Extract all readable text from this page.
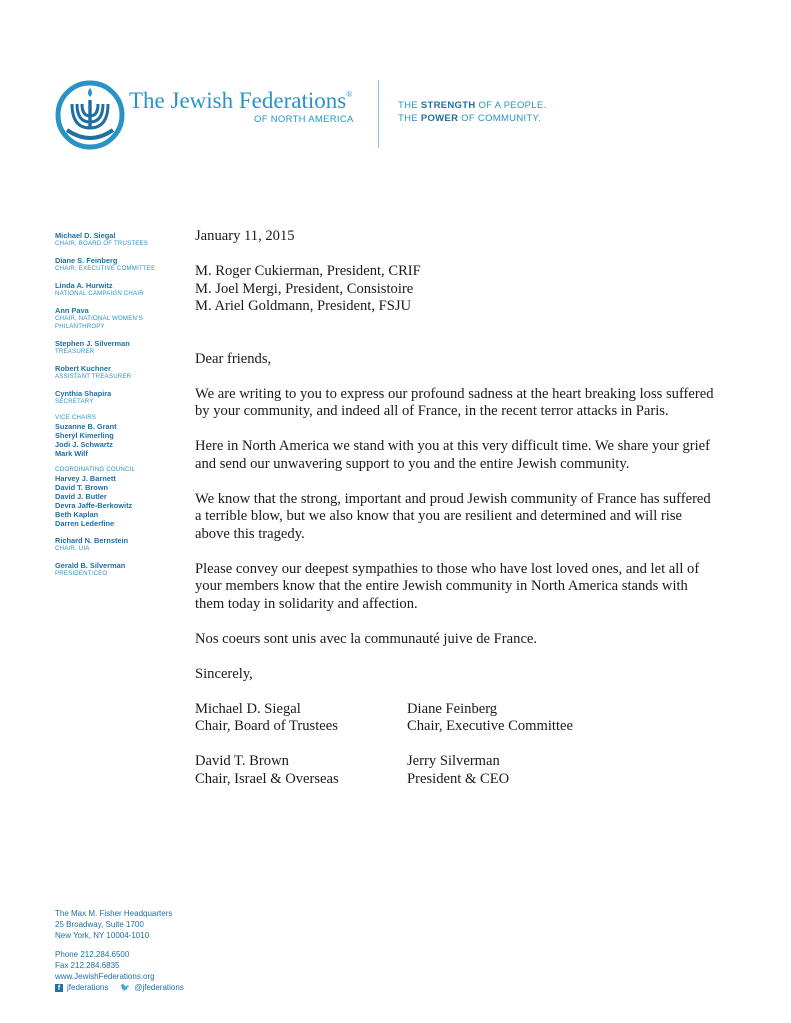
The Jewish Federations®
OF NORTH AMERICA
THE STRENGTH OF A PEOPLE.
THE POWER OF COMMUNITY.
Michael D. Siegal
CHAIR, BOARD OF TRUSTEES
Diane S. Feinberg
CHAIR, EXECUTIVE COMMITTEE
Linda A. Hurwitz
NATIONAL CAMPAIGN CHAIR
Ann Pava
CHAIR, NATIONAL WOMEN’S PHILANTHROPY
Stephen J. Silverman
TREASURER
Robert Kuchner
ASSISTANT TREASURER
Cynthia Shapira
SECRETARY
VICE CHAIRS
Suzanne B. Grant
Sheryl Kimerling
Jodi J. Schwartz
Mark Wilf
COORDINATING COUNCIL
Harvey J. Barnett
David T. Brown
David J. Butler
Devra Jaffe-Berkowitz
Beth Kaplan
Darren Lederfine
Richard N. Bernstein
CHAIR, UIA
Gerald B. Silverman
PRESIDENT/CEO

January 11, 2015

M. Roger Cukierman, President, CRIF

M. Joel Mergi, President, Consistoire

M. Ariel Goldmann, President, FSJU

Dear friends,

We are writing to you to express our profound sadness at the heart breaking loss suffered by your community, and indeed all of France, in the recent terror attacks in Paris.

Here in North America we stand with you at this very difficult time. We share your grief and send our unwavering support to you and the entire Jewish community.

We know that the strong, important and proud Jewish community of France has suffered a terrible blow, but we also know that you are resilient and determined and will rise above this tragedy.

Please convey our deepest sympathies to those who have lost loved ones, and let all of your members know that the entire Jewish community in North America stands with them today in solidarity and affection.

Nos coeurs sont unis avec la communauté juive de France.

Sincerely,

Michael D. Siegal

Chair, Board of Trustees

Diane Feinberg

Chair, Executive Committee

David T. Brown

Chair, Israel & Overseas

Jerry Silverman

President & CEO

The Max M. Fisher Headquarters
25 Broadway, Suite 1700
New York, NY 10004-1010
Phone 212.284.6500
Fax 212.284.6835
www.JewishFederations.org
f jfederations 🐦 @jfederations
